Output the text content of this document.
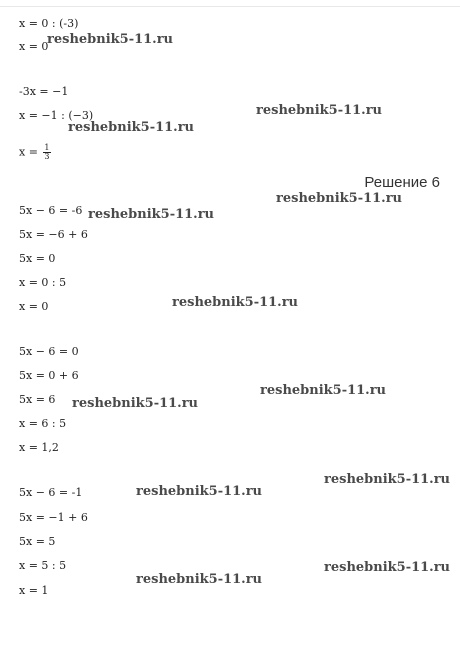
x = 0 : (-3)
x = 0
-3x = −1
x = −1 : (−3)
$x = \frac{1}{3}$
Решение 6
5x − 6 = -6
5x = −6 + 6
5x = 0
x = 0 : 5
x = 0
5x − 6 = 0
5x = 0 + 6
5x = 6
x = 6 : 5
x = 1,2
5x − 6 = -1
5x = −1 + 6
5x = 5
x = 5 : 5
x = 1
reshebnik5-11.ru
reshebnik5-11.ru
reshebnik5-11.ru
reshebnik5-11.ru
reshebnik5-11.ru
reshebnik5-11.ru
reshebnik5-11.ru
reshebnik5-11.ru
reshebnik5-11.ru
reshebnik5-11.ru
reshebnik5-11.ru
reshebnik5-11.ru
